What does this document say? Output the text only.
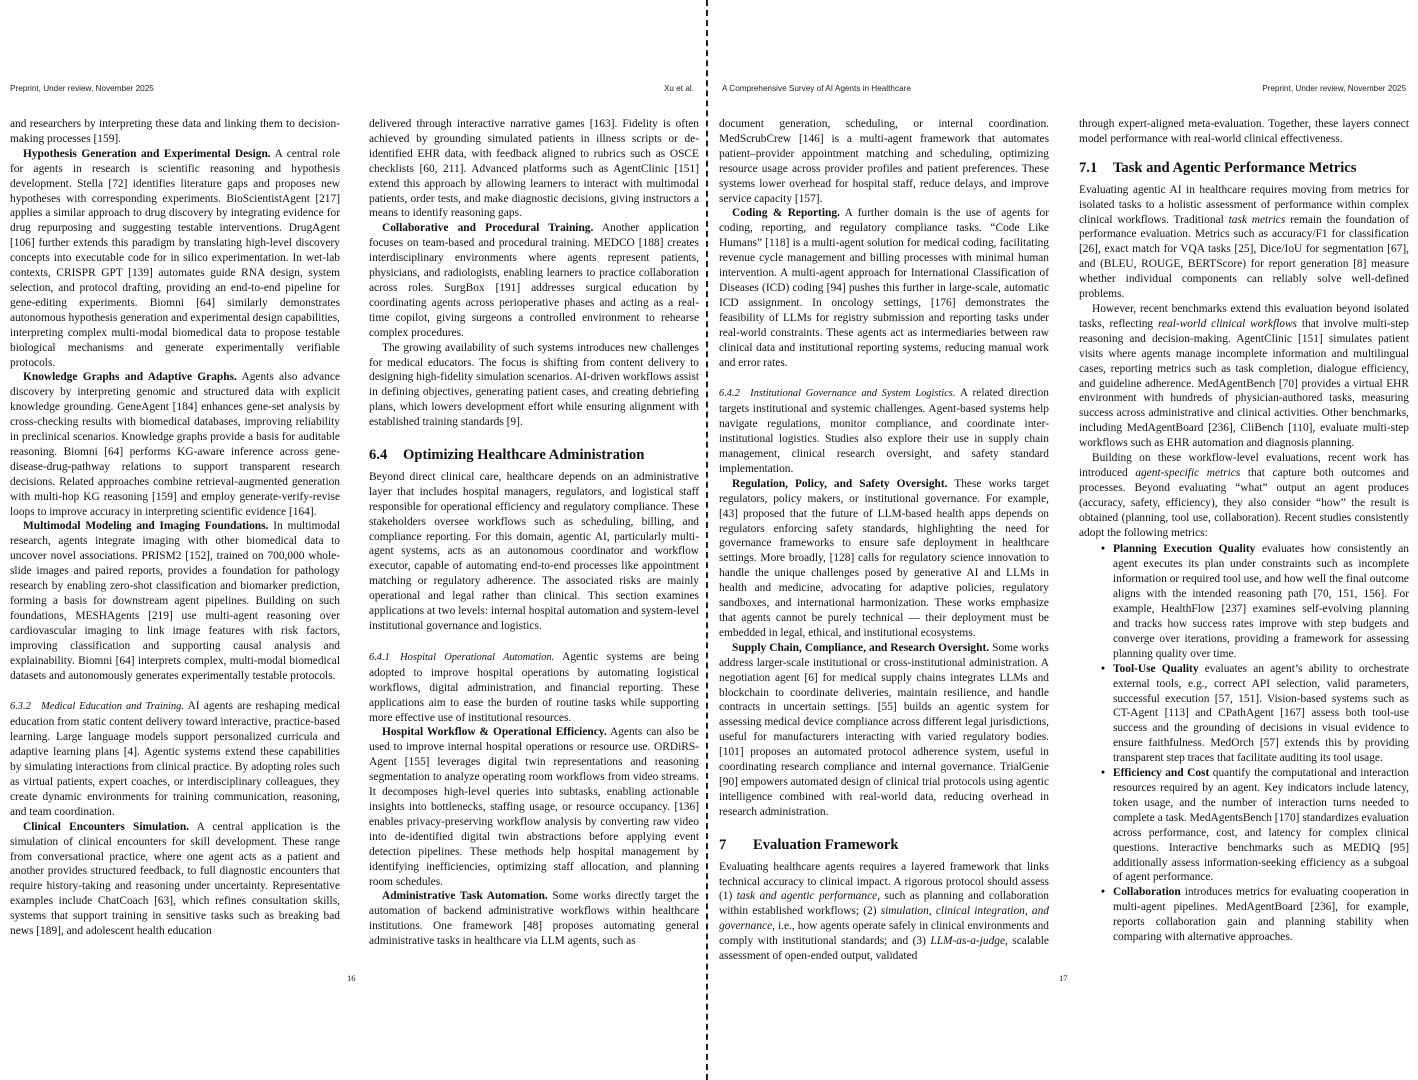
Preprint, Under review, November 2025	Xu et al.

and researchers by interpreting these data and linking them to decision-making processes [159].

Hypothesis Generation and Experimental Design. A central role for agents in research is scientific reasoning and hypothesis development. Stella [72] identifies literature gaps and proposes new hypotheses with corresponding experiments. BioScientistAgent [217] applies a similar approach to drug discovery by integrating evidence for drug repurposing and suggesting testable interventions. DrugAgent [106] further extends this paradigm by translating high-level discovery concepts into executable code for in silico experimentation. In wet-lab contexts, CRISPR GPT [139] automates guide RNA design, system selection, and protocol drafting, providing an end-to-end pipeline for gene-editing experiments. Biomni [64] similarly demonstrates autonomous hypothesis generation and experimental design capabilities, interpreting complex multi-modal biomedical data to propose testable biological mechanisms and generate experimentally verifiable protocols.

Knowledge Graphs and Adaptive Graphs. Agents also advance discovery by interpreting genomic and structured data with explicit knowledge grounding. GeneAgent [184] enhances gene-set analysis by cross-checking results with biomedical databases, improving reliability in preclinical scenarios. Knowledge graphs provide a basis for auditable reasoning. Biomni [64] performs KG-aware inference across gene-disease-drug-pathway relations to support transparent research decisions. Related approaches combine retrieval-augmented generation with multi-hop KG reasoning [159] and employ generate-verify-revise loops to improve accuracy in interpreting scientific evidence [164].

Multimodal Modeling and Imaging Foundations. In multimodal research, agents integrate imaging with other biomedical data to uncover novel associations. PRISM2 [152], trained on 700,000 whole-slide images and paired reports, provides a foundation for pathology research by enabling zero-shot classification and biomarker prediction, forming a basis for downstream agent pipelines. Building on such foundations, MESHAgents [219] use multi-agent reasoning over cardiovascular imaging to link image features with risk factors, improving classification and supporting causal analysis and explainability. Biomni [64] interprets complex, multi-modal biomedical datasets and autonomously generates experimentally testable protocols.

6.3.2  Medical Education and Training. AI agents are reshaping medical education from static content delivery toward interactive, practice-based learning. Large language models support personalized curricula and adaptive learning plans [4]. Agentic systems extend these capabilities by simulating interactions from clinical practice. By adopting roles such as virtual patients, expert coaches, or interdisciplinary colleagues, they create dynamic environments for training communication, reasoning, and team coordination.

Clinical Encounters Simulation. A central application is the simulation of clinical encounters for skill development. These range from conversational practice, where one agent acts as a patient and another provides structured feedback, to full diagnostic encounters that require history-taking and reasoning under uncertainty. Representative examples include ChatCoach [63], which refines consultation skills, systems that support training in sensitive tasks such as breaking bad news [189], and adolescent health education

delivered through interactive narrative games [163]. Fidelity is often achieved by grounding simulated patients in illness scripts or de-identified EHR data, with feedback aligned to rubrics such as OSCE checklists [60, 211]. Advanced platforms such as AgentClinic [151] extend this approach by allowing learners to interact with multimodal patients, order tests, and make diagnostic decisions, giving instructors a means to identify reasoning gaps.

Collaborative and Procedural Training. Another application focuses on team-based and procedural training. MEDCO [188] creates interdisciplinary environments where agents represent patients, physicians, and radiologists, enabling learners to practice collaboration across roles. SurgBox [191] addresses surgical education by coordinating agents across perioperative phases and acting as a real-time copilot, giving surgeons a controlled environment to rehearse complex procedures.

The growing availability of such systems introduces new challenges for medical educators. The focus is shifting from content delivery to designing high-fidelity simulation scenarios. AI-driven workflows assist in defining objectives, generating patient cases, and creating debriefing plans, which lowers development effort while ensuring alignment with established training standards [9].

6.4 Optimizing Healthcare Administration

Beyond direct clinical care, healthcare depends on an administrative layer that includes hospital managers, regulators, and logistical staff responsible for operational efficiency and regulatory compliance. These stakeholders oversee workflows such as scheduling, billing, and compliance reporting. For this domain, agentic AI, particularly multi-agent systems, acts as an autonomous coordinator and workflow executor, capable of automating end-to-end processes like appointment matching or regulatory adherence. The associated risks are mainly operational and legal rather than clinical. This section examines applications at two levels: internal hospital automation and system-level institutional governance and logistics.

6.4.1  Hospital Operational Automation. Agentic systems are being adopted to improve hospital operations by automating logistical workflows, digital administration, and financial reporting. These applications aim to ease the burden of routine tasks while supporting more effective use of institutional resources.

Hospital Workflow & Operational Efficiency. Agents can also be used to improve internal hospital operations or resource use. ORDiRS-Agent [155] leverages digital twin representations and reasoning segmentation to analyze operating room workflows from video streams. It decomposes high-level queries into subtasks, enabling actionable insights into bottlenecks, staffing usage, or resource occupancy. [136] enables privacy-preserving workflow analysis by converting raw video into de-identified digital twin abstractions before applying event detection pipelines. These methods help hospital management by identifying inefficiencies, optimizing staff allocation, and planning room schedules.

Administrative Task Automation. Some works directly target the automation of backend administrative workflows within healthcare institutions. One framework [48] proposes automating general administrative tasks in healthcare via LLM agents, such as

16
A Comprehensive Survey of AI Agents in Healthcare	Preprint, Under review, November 2025

document generation, scheduling, or internal coordination. MedScrubCrew [146] is a multi-agent framework that automates patient–provider appointment matching and scheduling, optimizing resource usage across provider profiles and patient preferences. These systems lower overhead for hospital staff, reduce delays, and improve service capacity [157].

Coding & Reporting. A further domain is the use of agents for coding, reporting, and regulatory compliance tasks. “Code Like Humans” [118] is a multi-agent solution for medical coding, facilitating revenue cycle management and billing processes with minimal human intervention. A multi-agent approach for International Classification of Diseases (ICD) coding [94] pushes this further in large-scale, automatic ICD assignment. In oncology settings, [176] demonstrates the feasibility of LLMs for registry submission and reporting tasks under real-world constraints. These agents act as intermediaries between raw clinical data and institutional reporting systems, reducing manual work and error rates.

6.4.2  Institutional Governance and System Logistics. A related direction targets institutional and systemic challenges. Agent-based systems help navigate regulations, monitor compliance, and coordinate inter-institutional logistics. Studies also explore their use in supply chain management, clinical research oversight, and safety standard implementation.

Regulation, Policy, and Safety Oversight. These works target regulators, policy makers, or institutional governance. For example, [43] proposed that the future of LLM-based health apps depends on regulators enforcing safety standards, highlighting the need for governance frameworks to ensure safe deployment in healthcare settings. More broadly, [128] calls for regulatory science innovation to handle the unique challenges posed by generative AI and LLMs in health and medicine, advocating for adaptive policies, regulatory sandboxes, and international harmonization. These works emphasize that agents cannot be purely technical — their deployment must be embedded in legal, ethical, and institutional ecosystems.

Supply Chain, Compliance, and Research Oversight. Some works address larger-scale institutional or cross-institutional administration. A negotiation agent [6] for medical supply chains integrates LLMs and blockchain to coordinate deliveries, maintain resilience, and handle contracts in uncertain settings. [55] builds an agentic system for assessing medical device compliance across different legal jurisdictions, useful for manufacturers interacting with varied regulatory bodies. [101] proposes an automated protocol adherence system, useful in coordinating research compliance and internal governance. TrialGenie [90] empowers automated design of clinical trial protocols using agentic intelligence combined with real-world data, reducing overhead in research administration.

7 Evaluation Framework

Evaluating healthcare agents requires a layered framework that links technical accuracy to clinical impact. A rigorous protocol should assess (1) task and agentic performance, such as planning and collaboration within established workflows; (2) simulation, clinical integration, and governance, i.e., how agents operate safely in clinical environments and comply with institutional standards; and (3) LLM-as-a-judge, scalable assessment of open-ended output, validated

through expert-aligned meta-evaluation. Together, these layers connect model performance with real-world clinical effectiveness.

7.1 Task and Agentic Performance Metrics

Evaluating agentic AI in healthcare requires moving from metrics for isolated tasks to a holistic assessment of performance within complex clinical workflows. Traditional task metrics remain the foundation of performance evaluation. Metrics such as accuracy/F1 for classification [26], exact match for VQA tasks [25], Dice/IoU for segmentation [67], and (BLEU, ROUGE, BERTScore) for report generation [8] measure whether individual components can reliably solve well-defined problems.

However, recent benchmarks extend this evaluation beyond isolated tasks, reflecting real-world clinical workflows that involve multi-step reasoning and decision-making. AgentClinic [151] simulates patient visits where agents manage incomplete information and multilingual cases, reporting metrics such as task completion, dialogue efficiency, and guideline adherence. MedAgentBench [70] provides a virtual EHR environment with hundreds of physician-authored tasks, measuring success across administrative and clinical activities. Other benchmarks, including MedAgentBoard [236], CliBench [110], evaluate multi-step workflows such as EHR automation and diagnosis planning.

Building on these workflow-level evaluations, recent work has introduced agent-specific metrics that capture both outcomes and processes. Beyond evaluating “what” output an agent produces (accuracy, safety, efficiency), they also consider “how” the result is obtained (planning, tool use, collaboration). Recent studies consistently adopt the following metrics:

• Planning Execution Quality evaluates how consistently an agent executes its plan under constraints such as incomplete information or required tool use, and how well the final outcome aligns with the intended reasoning path [70, 151, 156]. For example, HealthFlow [237] examines self-evolving planning and tracks how success rates improve with step budgets and converge over iterations, providing a framework for assessing planning quality over time.
• Tool-Use Quality evaluates an agent’s ability to orchestrate external tools, e.g., correct API selection, valid parameters, successful execution [57, 151]. Vision-based systems such as CT-Agent [113] and CPathAgent [167] assess both tool-use success and the grounding of decisions in visual evidence to ensure faithfulness. MedOrch [57] extends this by providing transparent step traces that facilitate auditing its tool usage.
• Efficiency and Cost quantify the computational and interaction resources required by an agent. Key indicators include latency, token usage, and the number of interaction turns needed to complete a task. MedAgentsBench [170] standardizes evaluation across performance, cost, and latency for complex clinical questions. Interactive benchmarks such as MEDIQ [95] additionally assess information-seeking efficiency as a subgoal of agent performance.
• Collaboration introduces metrics for evaluating cooperation in multi-agent pipelines. MedAgentBoard [236], for example, reports collaboration gain and planning stability when comparing with alternative approaches.
17
